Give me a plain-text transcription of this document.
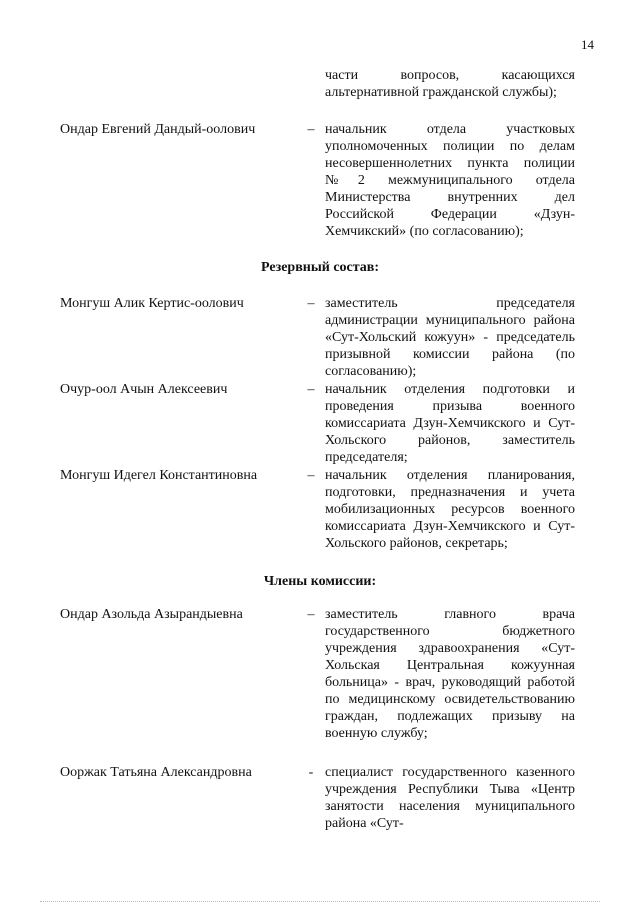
14
части вопросов, касающихся альтернативной гражданской службы);
Ондар Евгений Дандый-оолович	– начальник отдела участковых уполномоченных полиции по делам несовершеннолетних пункта полиции №2 межмуниципального отдела Министерства внутренних дел Российской Федерации «Дзун-Хемчикский» (по согласованию);
Резервный состав:
Монгуш Алик Кертис-оолович	– заместитель председателя администрации муниципального района «Сут-Хольский кожуун» - председатель призывной комиссии района (по согласованию);
Очур-оол Ачын Алексеевич	– начальник отделения подготовки и проведения призыва военного комиссариата Дзун-Хемчикского и Сут-Хольского районов, заместитель председателя;
Монгуш Идегел Константиновна	– начальник отделения планирования, подготовки, предназначения и учета мобилизационных ресурсов военного комиссариата Дзун-Хемчикского и Сут-Хольского районов, секретарь;
Члены комиссии:
Ондар Азольда Азырандыевна	– заместитель главного врача государственного бюджетного учреждения здравоохранения «Сут-Хольская Центральная кожуунная больница» - врач, руководящий работой по медицинскому освидетельствованию граждан, подлежащих призыву на военную службу;
Ооржак Татьяна Александровна	- специалист государственного казенного учреждения Республики Тыва «Центр занятости населения муниципального района «Сут-
